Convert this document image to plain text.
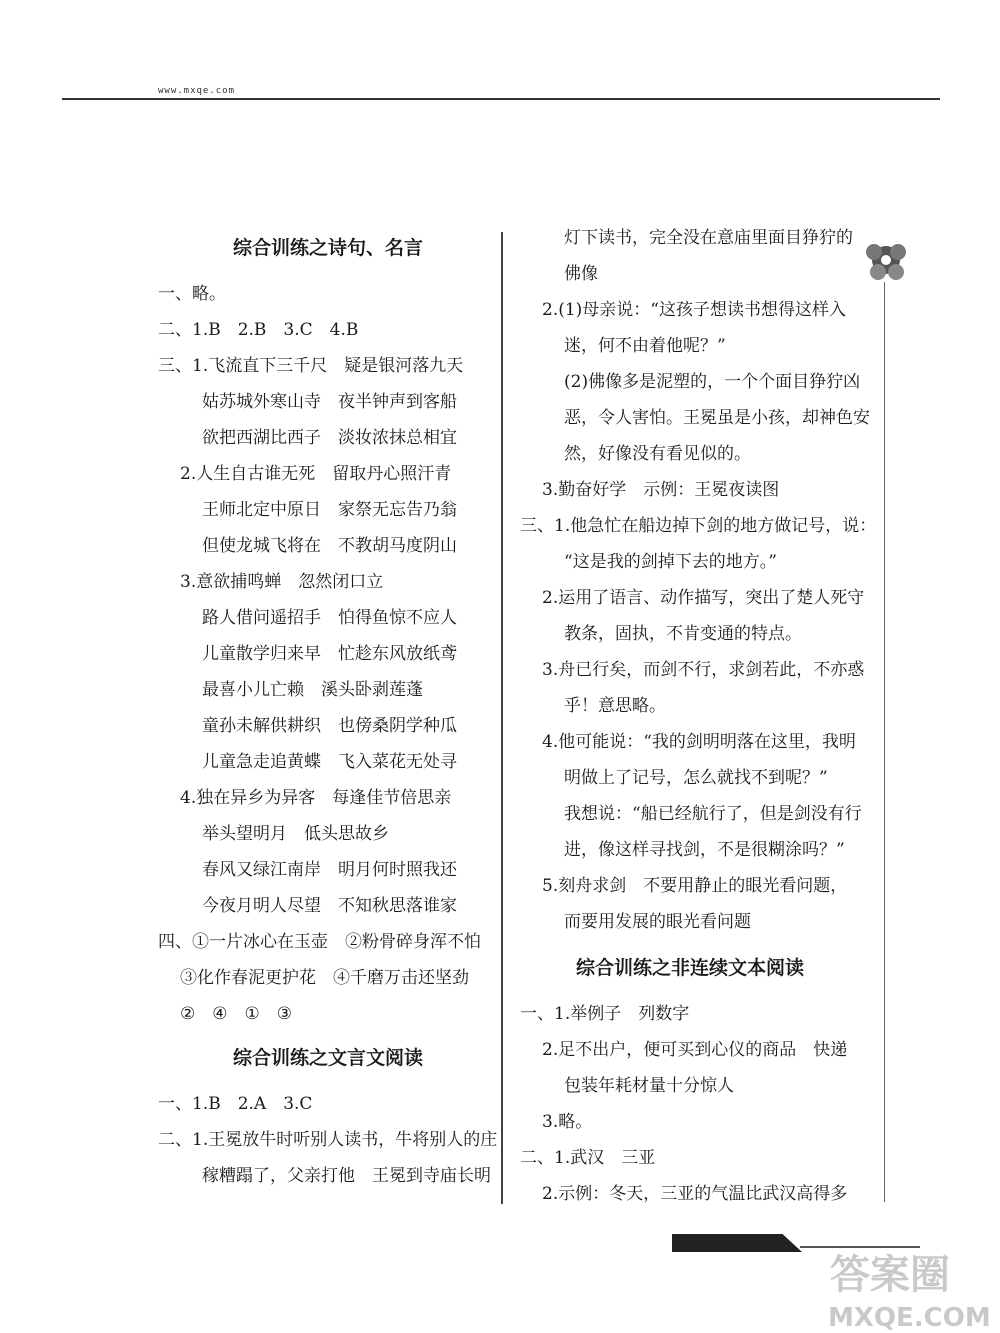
www.mxqe.com
综合训练之诗句、名言
一、略。
二、1.B　2.B　3.C　4.B
三、1.飞流直下三千尺　疑是银河落九天
姑苏城外寒山寺　夜半钟声到客船
欲把西湖比西子　淡妆浓抹总相宜
2.人生自古谁无死　留取丹心照汗青
王师北定中原日　家祭无忘告乃翁
但使龙城飞将在　不教胡马度阴山
3.意欲捕鸣蝉　忽然闭口立
路人借问遥招手　怕得鱼惊不应人
儿童散学归来早　忙趁东风放纸鸢
最喜小儿亡赖　溪头卧剥莲蓬
童孙未解供耕织　也傍桑阴学种瓜
儿童急走追黄蝶　飞入菜花无处寻
4.独在异乡为异客　每逢佳节倍思亲
举头望明月　低头思故乡
春风又绿江南岸　明月何时照我还
今夜月明人尽望　不知秋思落谁家
四、①一片冰心在玉壶　②粉骨碎身浑不怕
③化作春泥更护花　④千磨万击还坚劲
②　④　①　③
综合训练之文言文阅读
一、1.B　2.A　3.C
二、1.王冕放牛时听别人读书，牛将别人的庄
稼糟蹋了，父亲打他　王冕到寺庙长明
灯下读书，完全没在意庙里面目狰狞的
佛像
2.(1)母亲说：“这孩子想读书想得这样入
迷，何不由着他呢？”
(2)佛像多是泥塑的，一个个面目狰狞凶
恶，令人害怕。王冕虽是小孩，却神色安
然，好像没有看见似的。
3.勤奋好学　示例：王冕夜读图
三、1.他急忙在船边掉下剑的地方做记号，说：
“这是我的剑掉下去的地方。”
2.运用了语言、动作描写，突出了楚人死守
教条，固执，不肯变通的特点。
3.舟已行矣，而剑不行，求剑若此，不亦惑
乎！意思略。
4.他可能说：“我的剑明明落在这里，我明
明做上了记号，怎么就找不到呢？”
我想说：“船已经航行了，但是剑没有行
进，像这样寻找剑，不是很糊涂吗？”
5.刻舟求剑　不要用静止的眼光看问题，
而要用发展的眼光看问题
综合训练之非连续文本阅读
一、1.举例子　列数字
2.足不出户，便可买到心仪的商品　快递
包装年耗材量十分惊人
3.略。
二、1.武汉　三亚
2.示例：冬天，三亚的气温比武汉高得多
答案圈
MXQE.COM
